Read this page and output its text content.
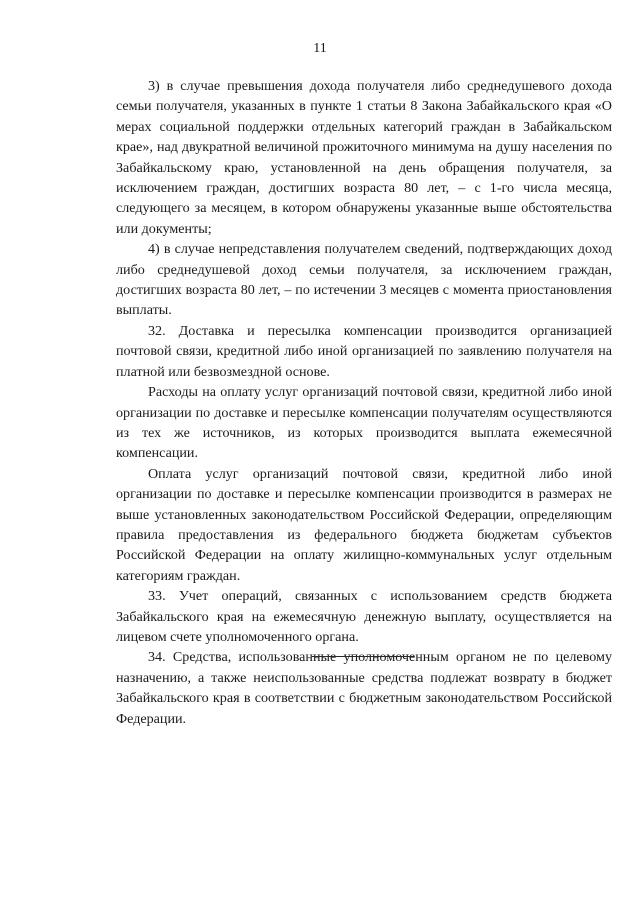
11

3) в случае превышения дохода получателя либо среднедушевого дохода семьи получателя, указанных в пункте 1 статьи 8 Закона Забайкальского края «О мерах социальной поддержки отдельных категорий граждан в Забайкальском крае», над двукратной величиной прожиточного минимума на душу населения по Забайкальскому краю, установленной на день обращения получателя, за исключением граждан, достигших возраста 80 лет, – с 1-го числа месяца, следующего за месяцем, в котором обнаружены указанные выше обстоятельства или документы;

4) в случае непредставления получателем сведений, подтверждающих доход либо среднедушевой доход семьи получателя, за исключением граждан, достигших возраста 80 лет, – по истечении 3 месяцев с момента приостановления выплаты.

32. Доставка и пересылка компенсации производится организацией почтовой связи, кредитной либо иной организацией по заявлению получателя на платной или безвозмездной основе.

Расходы на оплату услуг организаций почтовой связи, кредитной либо иной организации по доставке и пересылке компенсации получателям осуществляются из тех же источников, из которых производится выплата ежемесячной компенсации.

Оплата услуг организаций почтовой связи, кредитной либо иной организации по доставке и пересылке компенсации производится в размерах не выше установленных законодательством Российской Федерации, определяющим правила предоставления из федерального бюджета бюджетам субъектов Российской Федерации на оплату жилищно-коммунальных услуг отдельным категориям граждан.

33. Учет операций, связанных с использованием средств бюджета Забайкальского края на ежемесячную денежную выплату, осуществляется на лицевом счете уполномоченного органа.

34. Средства, использованные уполномоченным органом не по целевому назначению, а также неиспользованные средства подлежат возврату в бюджет Забайкальского края в соответствии с бюджетным законодательством Российской Федерации.
